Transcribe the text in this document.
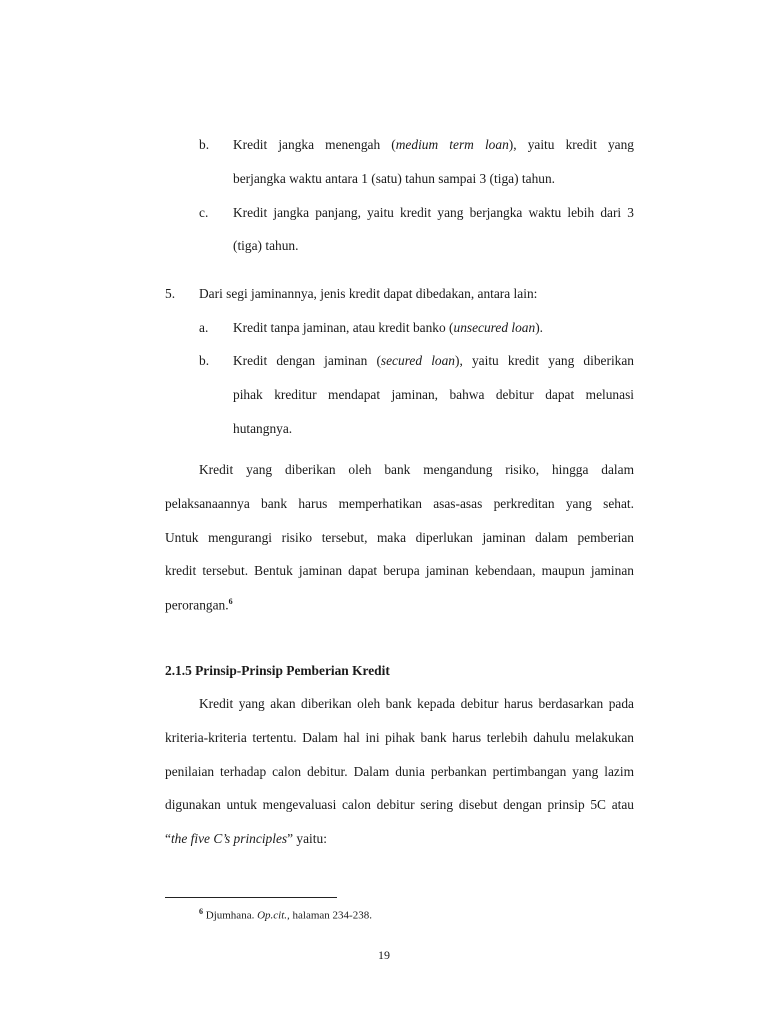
b. Kredit jangka menengah (medium term loan), yaitu kredit yang
berjangka waktu antara 1 (satu) tahun sampai 3 (tiga) tahun.
c. Kredit jangka panjang, yaitu kredit yang berjangka waktu lebih dari 3
(tiga) tahun.
5. Dari segi jaminannya, jenis kredit dapat dibedakan, antara lain:
a. Kredit tanpa jaminan, atau kredit banko (unsecured loan).
b. Kredit dengan jaminan (secured loan), yaitu kredit yang diberikan
pihak kreditur mendapat jaminan, bahwa debitur dapat melunasi
hutangnya.
Kredit yang diberikan oleh bank mengandung risiko, hingga dalam
pelaksanaannya bank harus memperhatikan asas-asas perkreditan yang sehat.
Untuk mengurangi risiko tersebut, maka diperlukan jaminan dalam pemberian
kredit tersebut. Bentuk jaminan dapat berupa jaminan kebendaan, maupun jaminan
perorangan.$^6$
2.1.5 Prinsip-Prinsip Pemberian Kredit
Kredit yang akan diberikan oleh bank kepada debitur harus berdasarkan pada
kriteria-kriteria tertentu. Dalam hal ini pihak bank harus terlebih dahulu melakukan
penilaian terhadap calon debitur. Dalam dunia perbankan pertimbangan yang lazim
digunakan untuk mengevaluasi calon debitur sering disebut dengan prinsip 5C atau
“the five C’s principles” yaitu:
$^6$ Djumhana. Op.cit., halaman 234-238.
19
